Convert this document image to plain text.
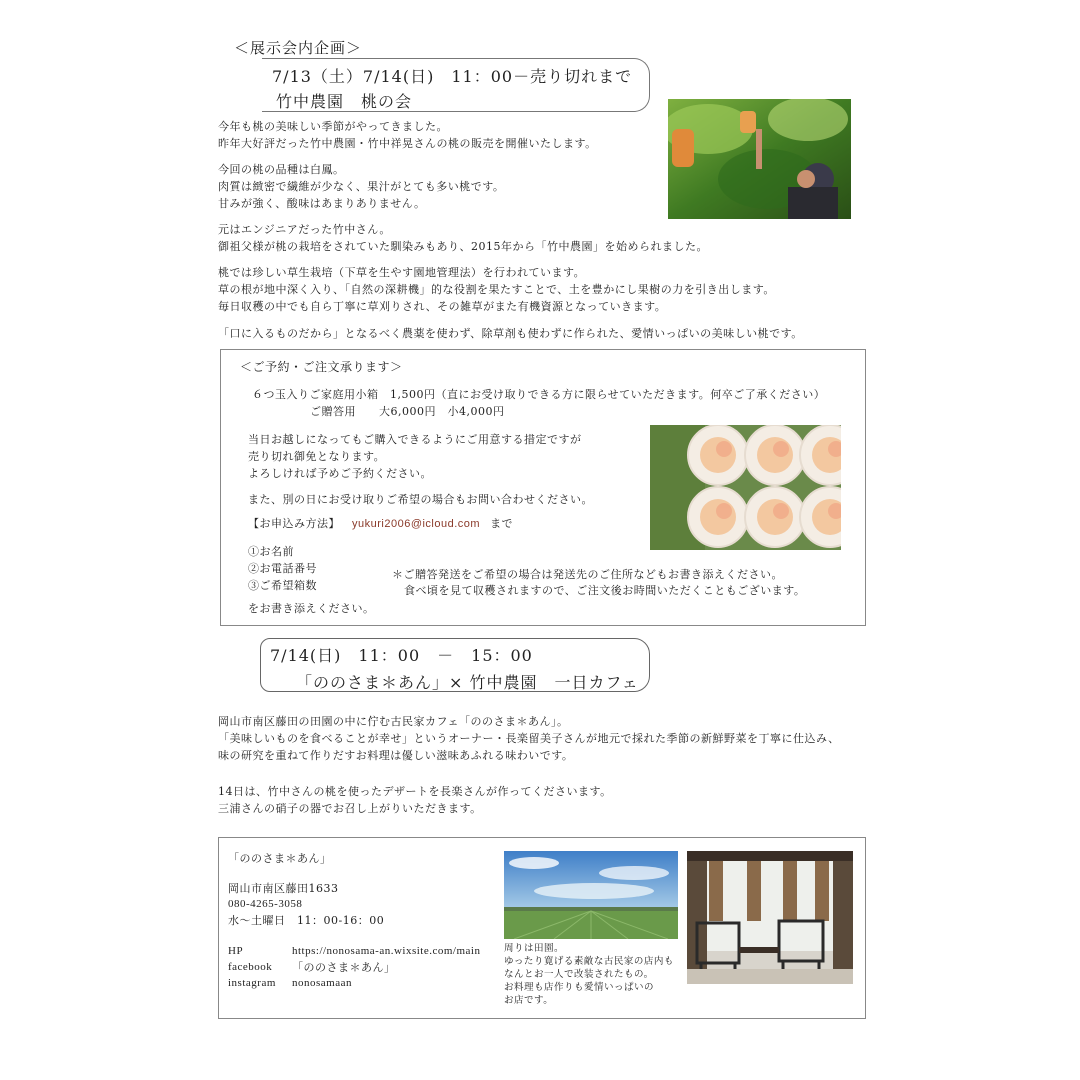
＜展示会内企画＞
7/13（土）7/14(日)　11：00－売り切れまで
竹中農園　桃の会
今年も桃の美味しい季節がやってきました。
昨年大好評だった竹中農園・竹中祥晃さんの桃の販売を開催いたします。
今回の桃の品種は白鳳。
肉質は緻密で繊維が少なく、果汁がとても多い桃です。
甘みが強く、酸味はあまりありません。
元はエンジニアだった竹中さん。
御祖父様が桃の栽培をされていた馴染みもあり、2015年から「竹中農園」を始められました。
桃では珍しい草生栽培（下草を生やす園地管理法）を行われています。
草の根が地中深く入り、「自然の深耕機」的な役割を果たすことで、土を豊かにし果樹の力を引き出します。
毎日収穫の中でも自ら丁寧に草刈りされ、その雑草がまた有機資源となっていきます。
「口に入るものだから」となるべく農薬を使わず、除草剤も使わずに作られた、愛情いっぱいの美味しい桃です。
＜ご予約・ご注文承ります＞
６つ玉入りご家庭用小箱　1,500円（直にお受け取りできる方に限らせていただきます。何卒ご了承ください）
ご贈答用　　大6,000円　小4,000円
当日お越しになってもご購入できるようにご用意する措定ですが
売り切れ御免となります。
よろしければ予めご予約ください。
また、別の日にお受け取りご希望の場合もお問い合わせください。
【お申込み方法】 yukuri2006@icloud.com まで
①お名前
②お電話番号
③ご希望箱数
をお書き添えください。
＊ご贈答発送をご希望の場合は発送先のご住所などもお書き添えください。
食べ頃を見て収穫されますので、ご注文後お時間いただくこともございます。
7/14(日)　11：00　－　15：00
「ののさま＊あん」× 竹中農園　一日カフェ
岡山市南区藤田の田園の中に佇む古民家カフェ「ののさま＊あん」。
「美味しいものを食べることが幸せ」というオーナー・長楽留美子さんが地元で採れた季節の新鮮野菜を丁寧に仕込み、
味の研究を重ねて作りだすお料理は優しい滋味あふれる味わいです。
14日は、竹中さんの桃を使ったデザートを長楽さんが作ってくださいます。
三浦さんの硝子の器でお召し上がりいただきます。
「ののさま＊あん」
岡山市南区藤田1633
080-4265-3058
水～土曜日　11：00-16：00
HP	https://nonosama-an.wixsite.com/main
facebook 「ののさま＊あん」
instagram nonosamaan
周りは田園。
ゆったり寛げる素敵な古民家の店内も
なんとお一人で改装されたもの。
お料理も店作りも愛情いっぱいの
お店です。
